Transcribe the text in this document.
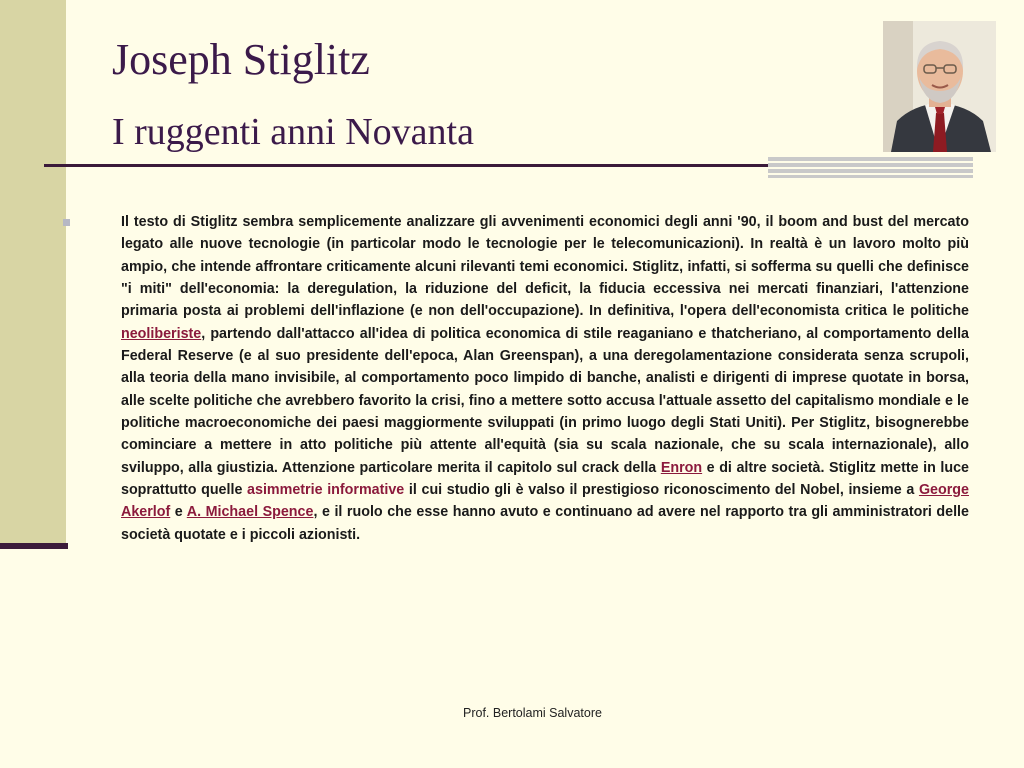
Joseph Stiglitz
I ruggenti anni Novanta

Il testo di Stiglitz sembra semplicemente analizzare gli avvenimenti economici degli anni '90, il boom and bust del mercato legato alle nuove tecnologie (in particolar modo le tecnologie per le telecomunicazioni). In realtà è un lavoro molto più ampio, che intende affrontare criticamente alcuni rilevanti temi economici. Stiglitz, infatti, si sofferma su quelli che definisce "i miti" dell'economia: la deregulation, la riduzione del deficit, la fiducia eccessiva nei mercati finanziari, l'attenzione primaria posta ai problemi dell'inflazione (e non dell'occupazione). In definitiva, l'opera dell'economista critica le politiche neoliberiste, partendo dall'attacco all'idea di politica economica di stile reaganiano e thatcheriano, al comportamento della Federal Reserve (e al suo presidente dell'epoca, Alan Greenspan), a una deregolamentazione considerata senza scrupoli, alla teoria della mano invisibile, al comportamento poco limpido di banche, analisti e dirigenti di imprese quotate in borsa, alle scelte politiche che avrebbero favorito la crisi, fino a mettere sotto accusa l'attuale assetto del capitalismo mondiale e le politiche macroeconomiche dei paesi maggiormente sviluppati (in primo luogo degli Stati Uniti). Per Stiglitz, bisognerebbe cominciare a mettere in atto politiche più attente all'equità (sia su scala nazionale, che su scala internazionale), allo sviluppo, alla giustizia. Attenzione particolare merita il capitolo sul crack della Enron e di altre società. Stiglitz mette in luce soprattutto quelle asimmetrie informative il cui studio gli è valso il prestigioso riconoscimento del Nobel, insieme a George Akerlof e A. Michael Spence, e il ruolo che esse hanno avuto e continuano ad avere nel rapporto tra gli amministratori delle società quotate e i piccoli azionisti.

Prof. Bertolami Salvatore
